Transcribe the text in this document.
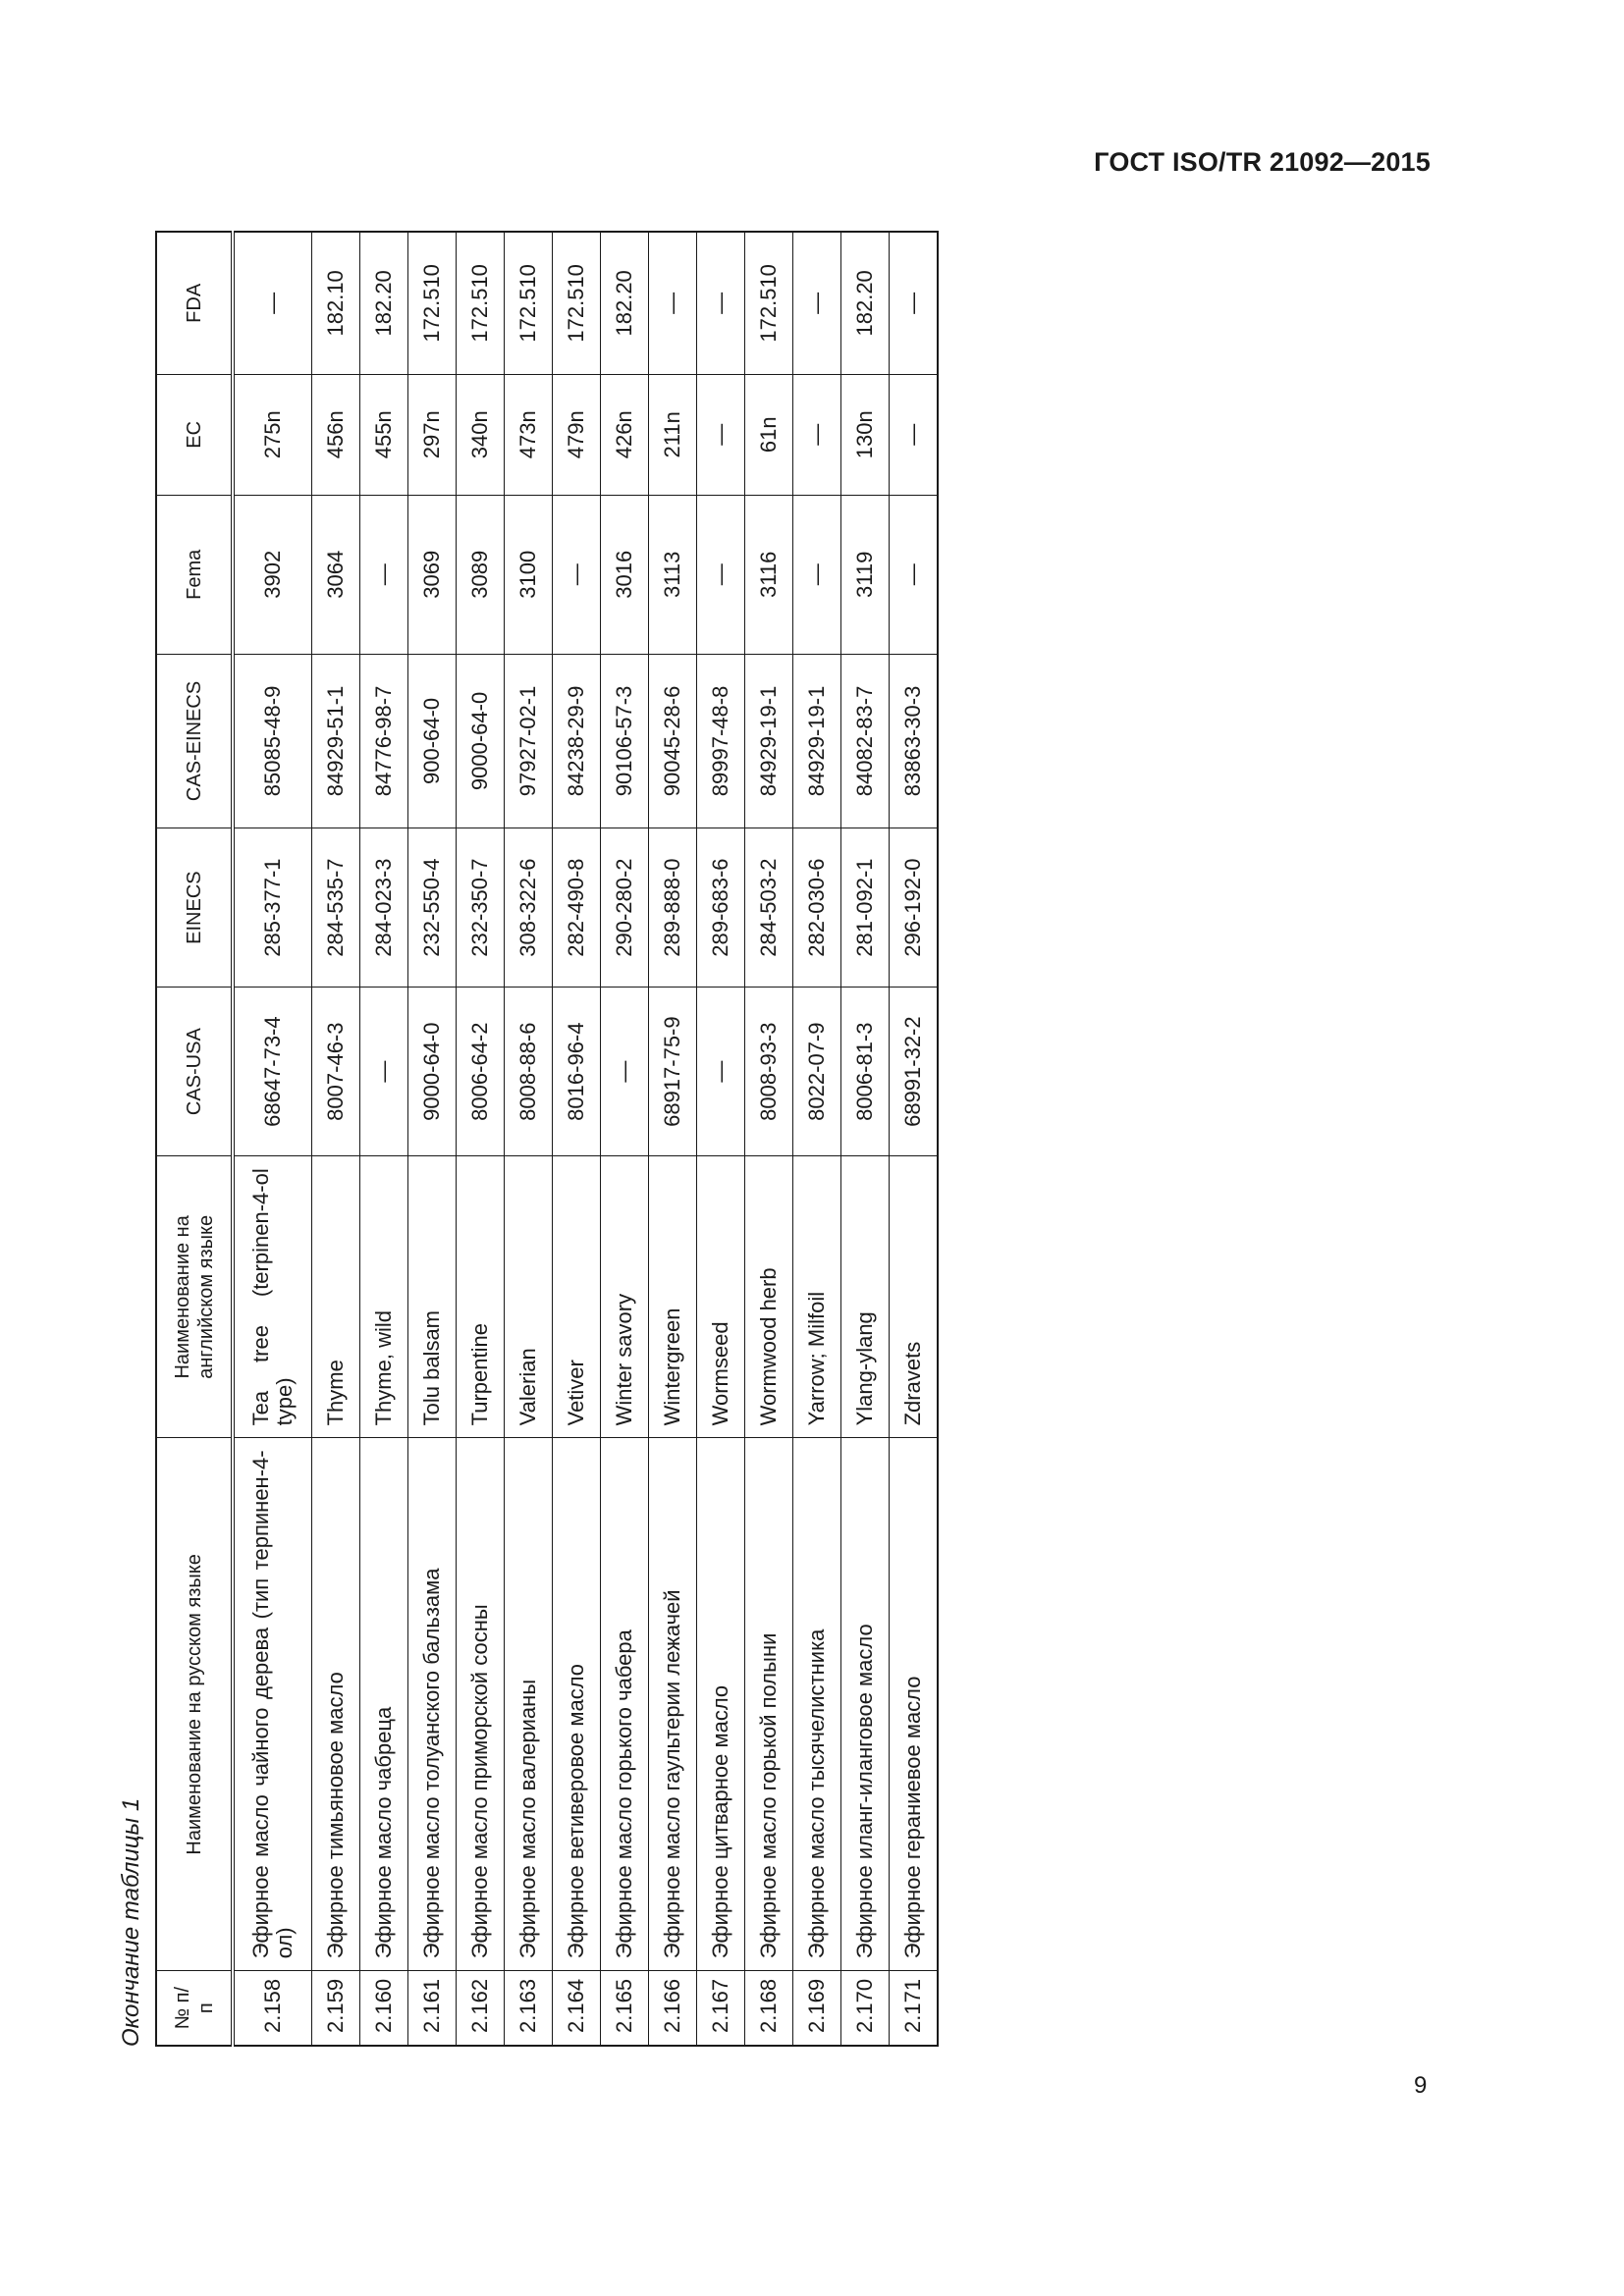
ГОСТ ISO/TR 21092—2015
Окончание таблицы 1	№ п/п	Наименование на русском языке	Наименование на английском языке	CAS-USA	EINECS	CAS-EINECS	Fema	EC	FDA
2.158	Эфирное масло чайного дерева (тип терпинен-4-ол)	Tea tree (terpinen-4-ol type)	68647-73-4	285-377-1	85085-48-9	3902	275n	—
2.159	Эфирное тимьяновое масло	Thyme	8007-46-3	284-535-7	84929-51-1	3064	456n	182.10
2.160	Эфирное масло чабреца	Thyme, wild	—	284-023-3	84776-98-7	—	455n	182.20
2.161	Эфирное масло толуанского бальзама	Tolu balsam	9000-64-0	232-550-4	900-64-0	3069	297n	172.510
2.162	Эфирное масло приморской сосны	Turpentine	8006-64-2	232-350-7	9000-64-0	3089	340n	172.510
2.163	Эфирное масло валерианы	Valerian	8008-88-6	308-322-6	97927-02-1	3100	473n	172.510
2.164	Эфирное ветиверовое масло	Vetiver	8016-96-4	282-490-8	84238-29-9	—	479n	172.510
2.165	Эфирное масло горького чабера	Winter savory	—	290-280-2	90106-57-3	3016	426n	182.20
2.166	Эфирное масло гаультерии лежачей	Wintergreen	68917-75-9	289-888-0	90045-28-6	3113	211n	—
2.167	Эфирное цитварное масло	Wormseed	—	289-683-6	89997-48-8	—	—	—
2.168	Эфирное масло горькой полыни	Wormwood herb	8008-93-3	284-503-2	84929-19-1	3116	61n	172.510
2.169	Эфирное масло тысячелистника	Yarrow; Milfoil	8022-07-9	282-030-6	84929-19-1	—	—	—
2.170	Эфирное иланг-иланговое масло	Ylang-ylang	8006-81-3	281-092-1	84082-83-7	3119	130n	182.20
2.171	Эфирное гераниевое масло	Zdravets	68991-32-2	296-192-0	83863-30-3	—	—	—
9
